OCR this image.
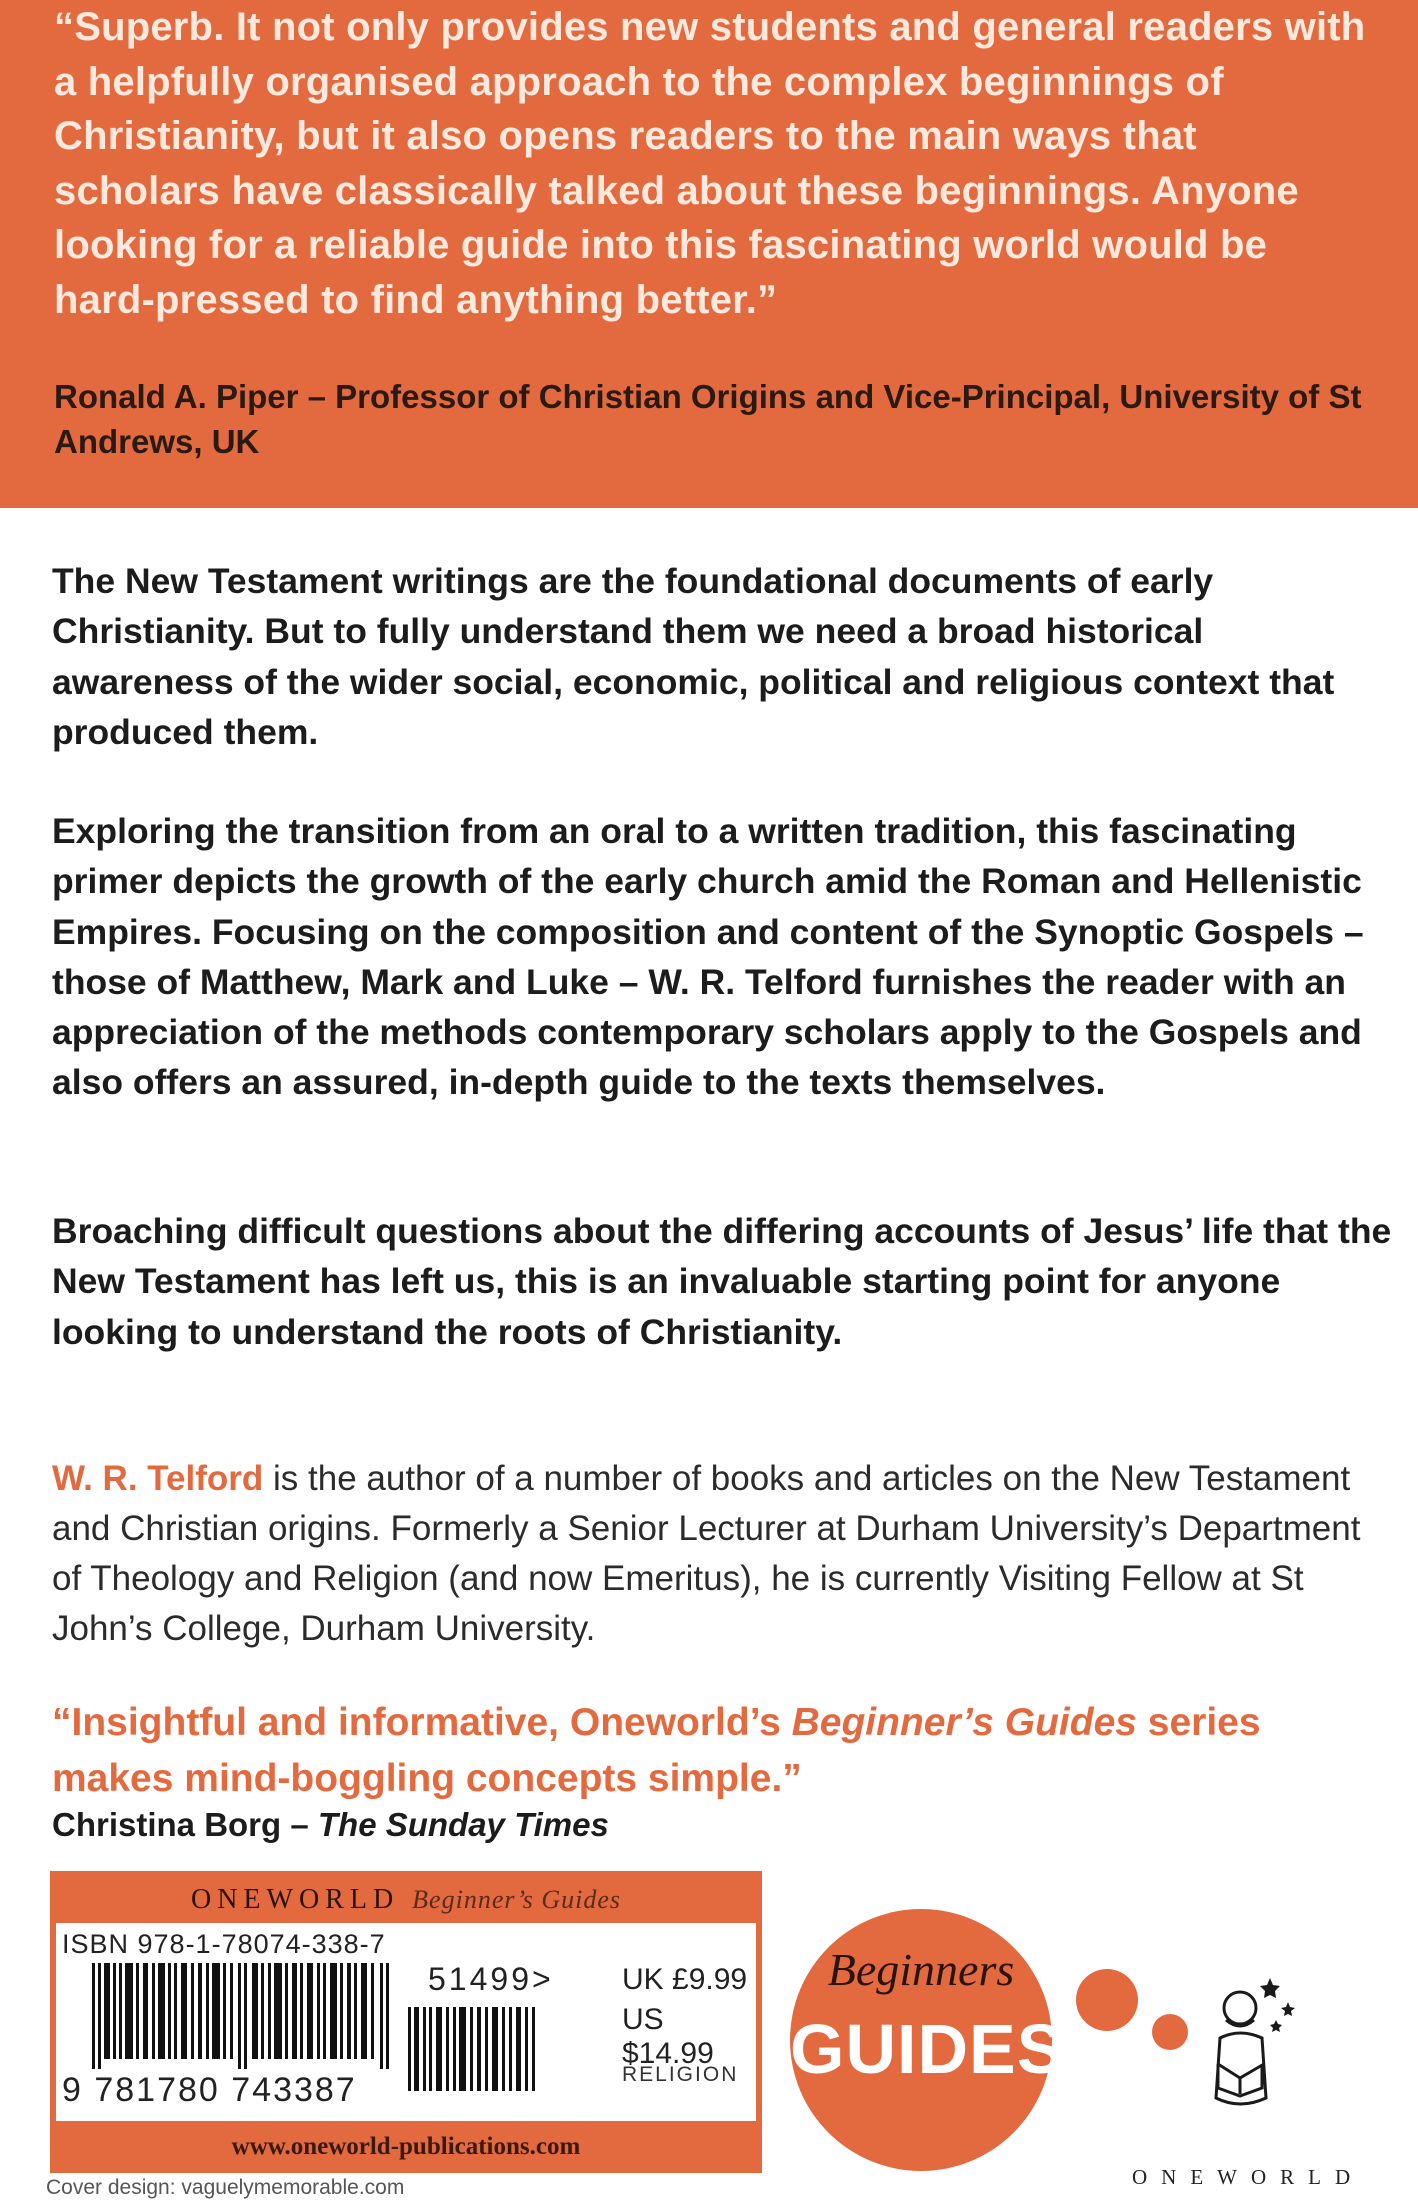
“Superb. It not only provides new students and general readers with a helpfully organised approach to the complex beginnings of Christianity, but it also opens readers to the main ways that scholars have classically talked about these beginnings. Anyone looking for a reliable guide into this fascinating world would be hard-pressed to find anything better.”

Ronald A. Piper – Professor of Christian Origins and Vice-Principal, University of St Andrews, UK

The New Testament writings are the foundational documents of early Christianity. But to fully understand them we need a broad historical awareness of the wider social, economic, political and religious context that produced them.

Exploring the transition from an oral to a written tradition, this fascinating primer depicts the growth of the early church amid the Roman and Hellenistic Empires. Focusing on the composition and content of the Synoptic Gospels – those of Matthew, Mark and Luke – W. R. Telford furnishes the reader with an appreciation of the methods contemporary scholars apply to the Gospels and also offers an assured, in-depth guide to the texts themselves.

Broaching difficult questions about the differing accounts of Jesus’ life that the New Testament has left us, this is an invaluable starting point for anyone looking to understand the roots of Christianity.

W. R. Telford is the author of a number of books and articles on the New Testament and Christian origins. Formerly a Senior Lecturer at Durham University’s Department of Theology and Religion (and now Emeritus), he is currently Visiting Fellow at St John’s College, Durham University.

“Insightful and informative, Oneworld’s Beginner’s Guides series makes mind-boggling concepts simple.”

Christina Borg – The Sunday Times

ONEWORLD Beginner’s Guides
ISBN 978-1-78074-338-7
9 781780 743387
51499> UK £9.99
US $14.99
RELIGION
www.oneworld-publications.com
Beginners
GUIDES
ONEWORLD
Cover design: vaguelymemorable.com
